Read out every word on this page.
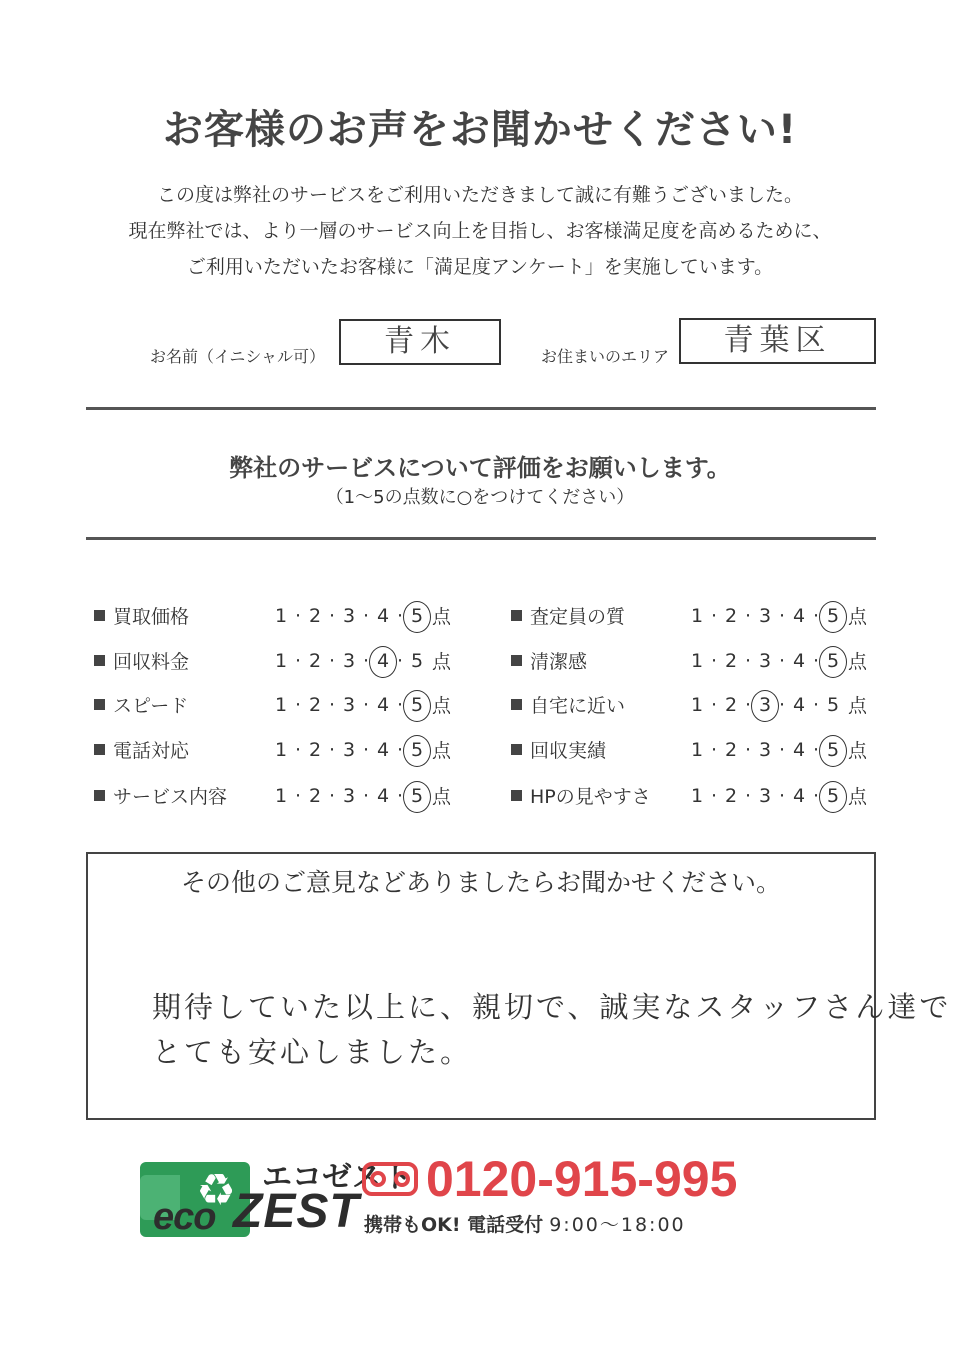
お客様のお声をお聞かせください!
この度は弊社のサービスをご利用いただきまして誠に有難うございました。
現在弊社では、より一層のサービス向上を目指し、お客様満足度を高めるために、
ご利用いただいたお客様に「満足度アンケート」を実施しています。
お名前（イニシャル可）	青木	お住まいのエリア	青葉区
弊社のサービスについて評価をお願いします。
（1～5の点数に○をつけてください）
買取価格	1 · 2 · 3 · 4 · 5 点
回収料金	1 · 2 · 3 · 4 · 5 点
スピード	1 · 2 · 3 · 4 · 5 点
電話対応	1 · 2 · 3 · 4 · 5 点
サービス内容	1 · 2 · 3 · 4 · 5 点
査定員の質	1 · 2 · 3 · 4 · 5 点
清潔感	1 · 2 · 3 · 4 · 5 点
自宅に近い	1 · 2 · 3 · 4 · 5 点
回収実績	1 · 2 · 3 · 4 · 5 点
HPの見やすさ 1 · 2 · 3 · 4 · 5 点
その他のご意見などありましたらお聞かせください。
期待していた以上に、親切で、誠実なスタッフさん達で
とても安心しました。
♻ エコゼスト
eco ZEST
0120-915-995
携帯もOK! 電話受付 9:00～18:00
